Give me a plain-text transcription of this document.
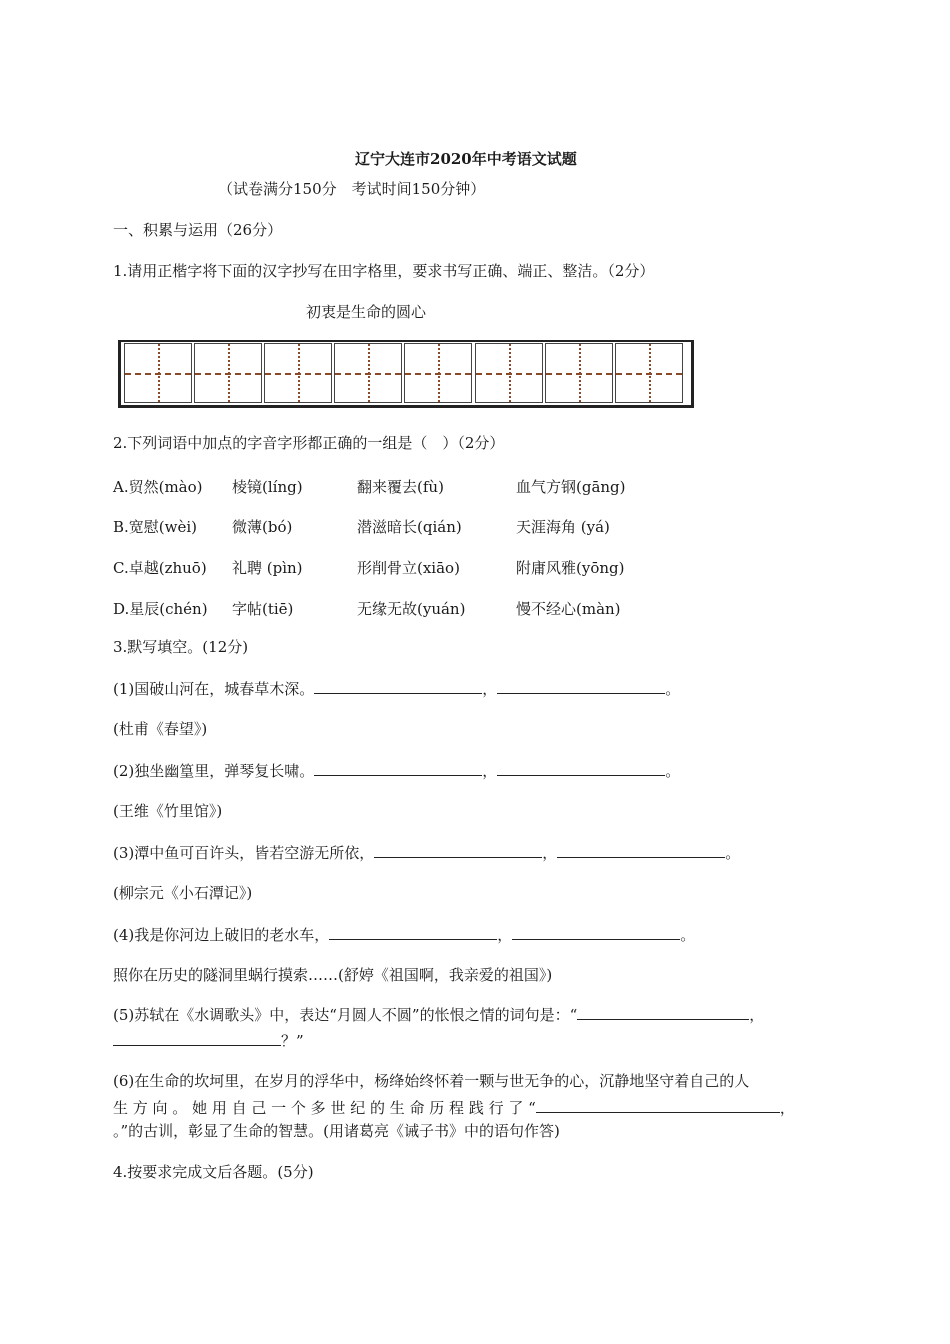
辽宁大连市2020年中考语文试题
（试卷满分150分　考试时间150分钟）
一、积累与运用（26分）
1.请用正楷字将下面的汉字抄写在田字格里，要求书写正确、端正、整洁。（2分）
初衷是生命的圆心
2.下列词语中加点的字音字形都正确的一组是（　）（2分）
A.贸然(mào) 棱镜(líng)	翻来覆去(fù)	血气方钢(gāng)
B.宽慰(wèi) 微薄(bó)	潜滋暗长(qián)	天涯海角 (yá)
C.卓越(zhuō) 礼聘 (pìn)	形削骨立(xiāo)	附庸风雅(yōng)
D.星辰(chén) 字帖(tiē)	无缘无故(yuán)	慢不经心(màn)
3.默写填空。(12分)
(1)国破山河在，城春草木深。	，	。
(杜甫《春望》)
(2)独坐幽篁里，弹琴复长啸。	，	。
(王维《竹里馆》)
(3)潭中鱼可百许头，皆若空游无所依，	，	。
(柳宗元《小石潭记》)
(4)我是你河边上破旧的老水车，	，	。
照你在历史的隧洞里蜗行摸索……(舒婷《祖国啊，我亲爱的祖国》)
(5)苏轼在《水调歌头》中，表达“月圆人不圆”的怅恨之情的词句是：“	，
？”
(6)在生命的坎坷里，在岁月的浮华中，杨绛始终怀着一颗与世无争的心，沉静地坚守着自己的人
生 方 向 。 她 用 自 己 一 个 多 世 纪 的 生 命 历 程 践 行 了 “	，
。”的古训，彰显了生命的智慧。(用诸葛亮《诫子书》中的语句作答)
4.按要求完成文后各题。(5分)
